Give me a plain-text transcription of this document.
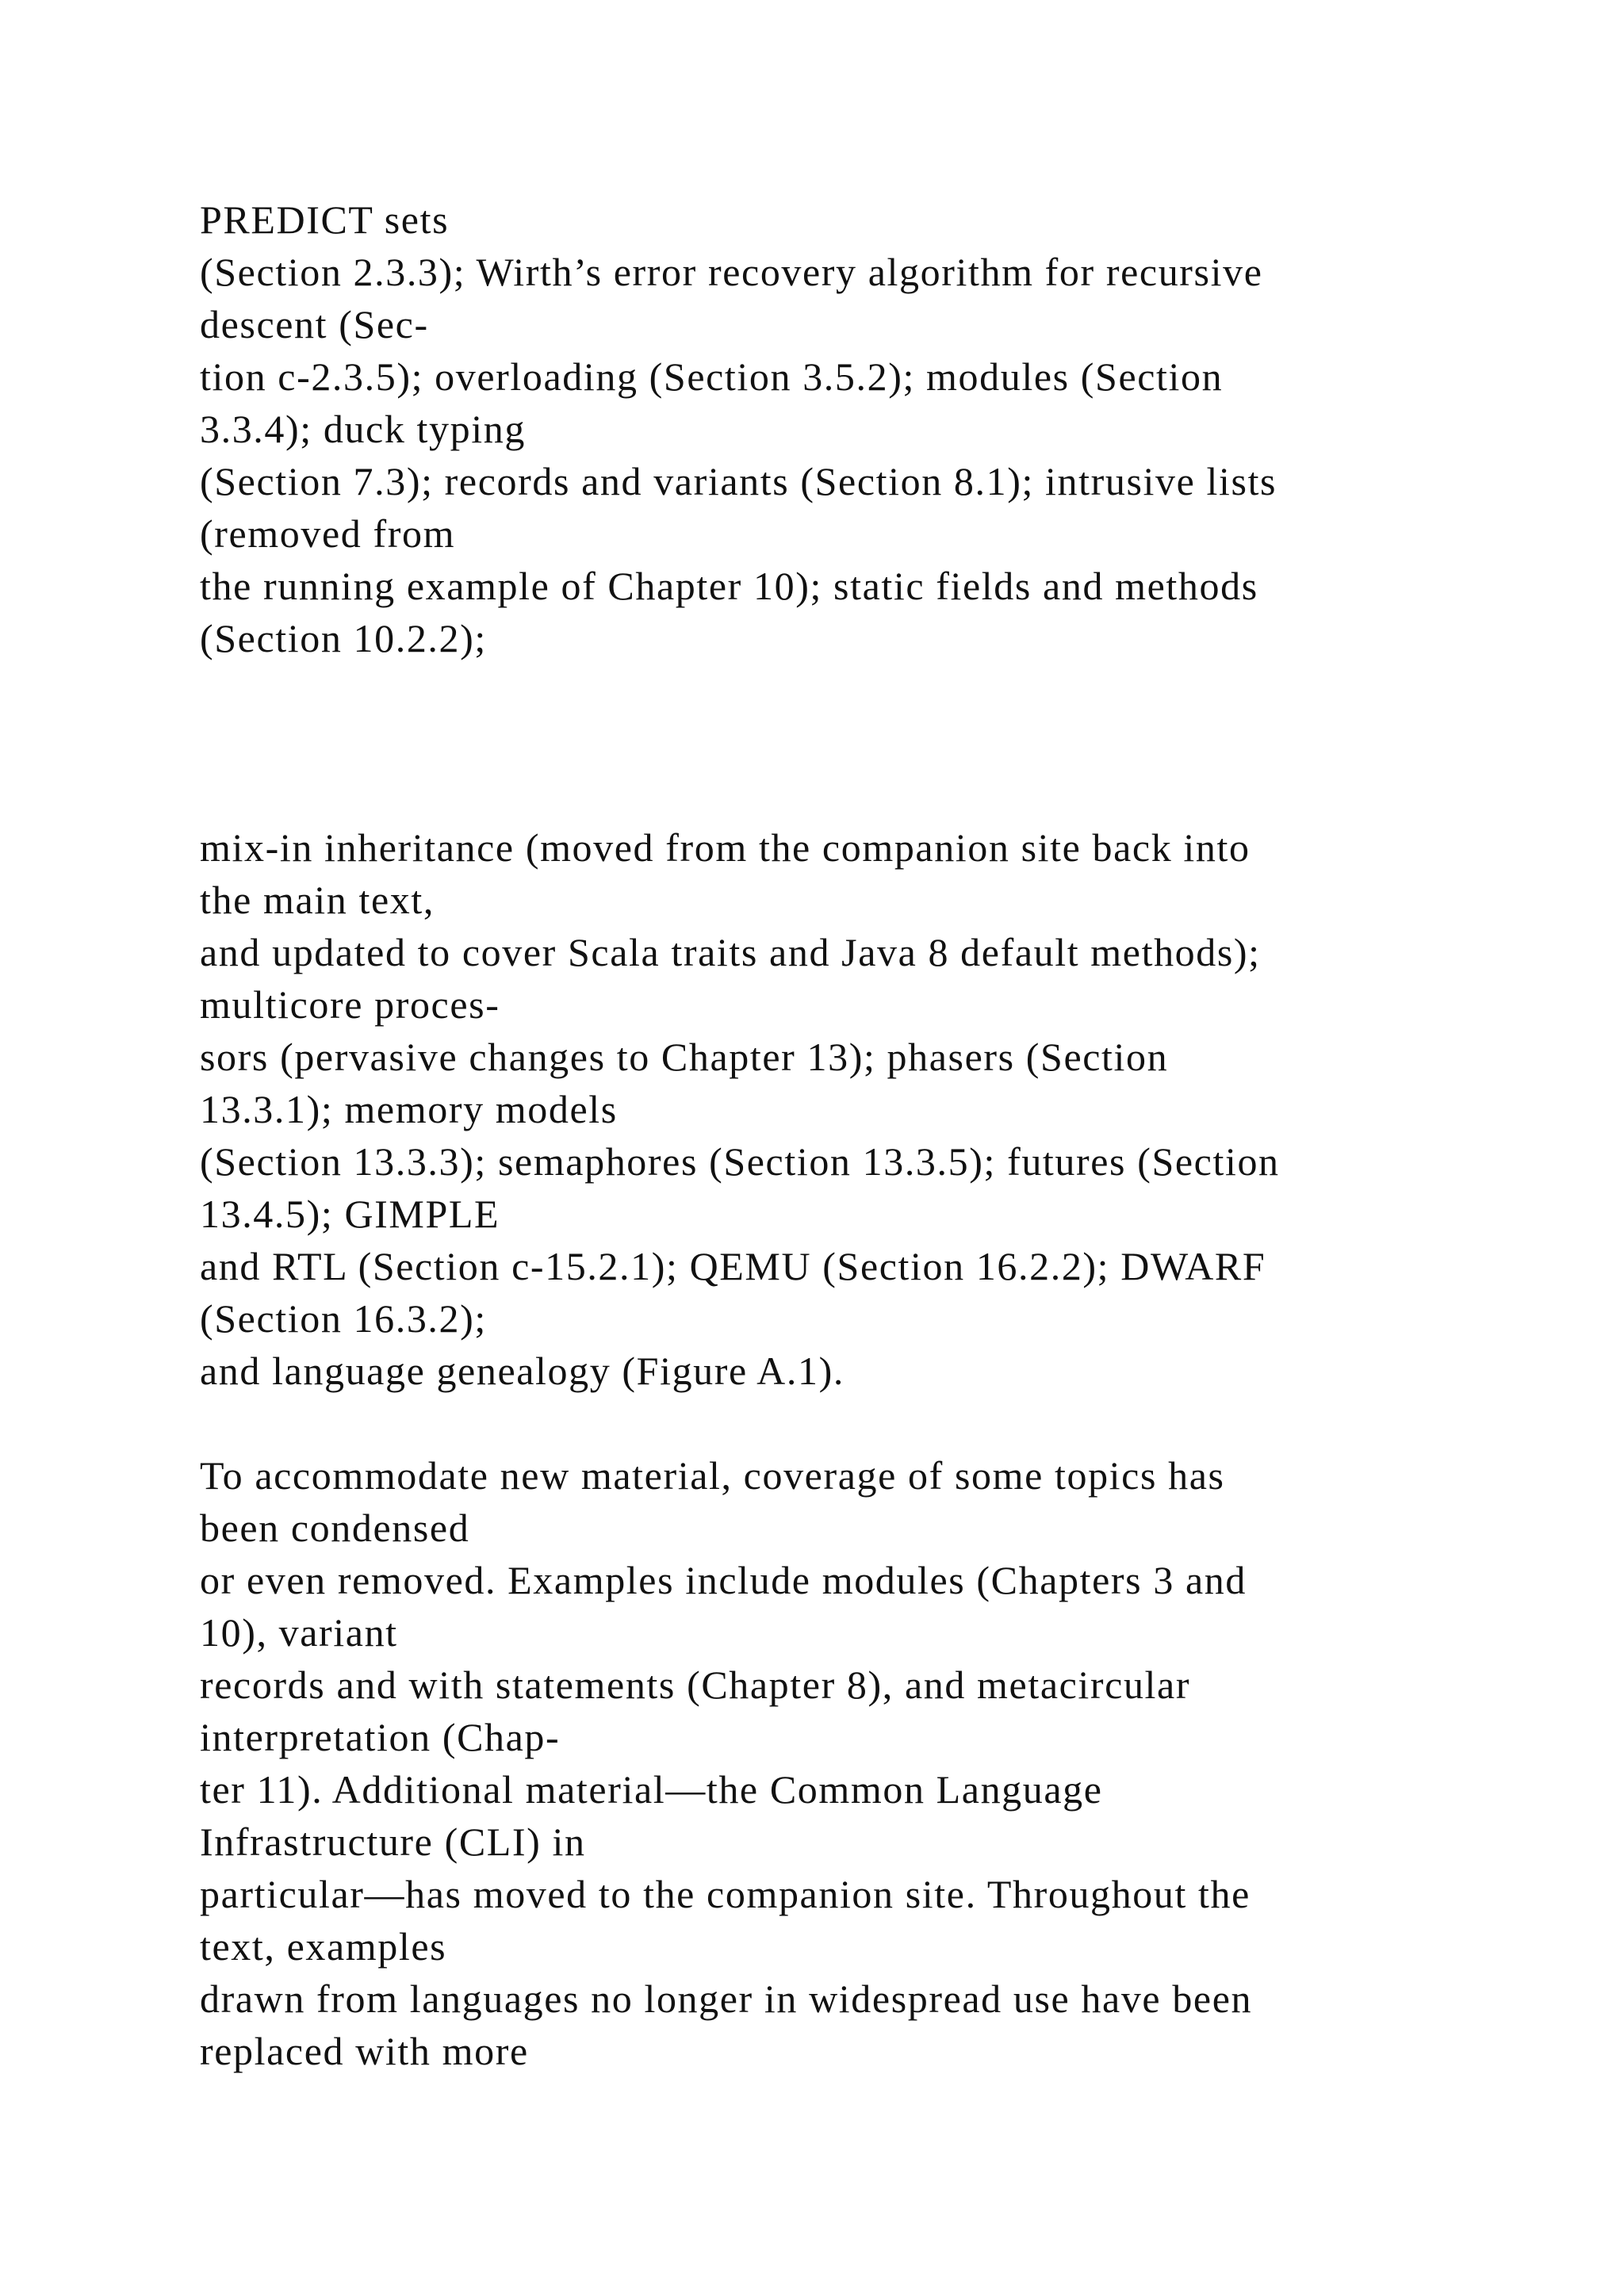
PREDICT sets
(Section 2.3.3); Wirth’s error recovery algorithm for recursive
descent (Sec-
tion c-2.3.5); overloading (Section 3.5.2); modules (Section
3.3.4); duck typing
(Section 7.3); records and variants (Section 8.1); intrusive lists
(removed from
the running example of Chapter 10); static fields and methods
(Section 10.2.2);
mix-in inheritance (moved from the companion site back into
the main text,
and updated to cover Scala traits and Java 8 default methods);
multicore proces-
sors (pervasive changes to Chapter 13); phasers (Section
13.3.1); memory models
(Section 13.3.3); semaphores (Section 13.3.5); futures (Section
13.4.5); GIMPLE
and RTL (Section c-15.2.1); QEMU (Section 16.2.2); DWARF
(Section 16.3.2);
and language genealogy (Figure A.1).
To accommodate new material, coverage of some topics has
been condensed
or even removed. Examples include modules (Chapters 3 and
10), variant
records and with statements (Chapter 8), and metacircular
interpretation (Chap-
ter 11). Additional material—the Common Language
Infrastructure (CLI) in
particular—has moved to the companion site. Throughout the
text, examples
drawn from languages no longer in widespread use have been
replaced with more
